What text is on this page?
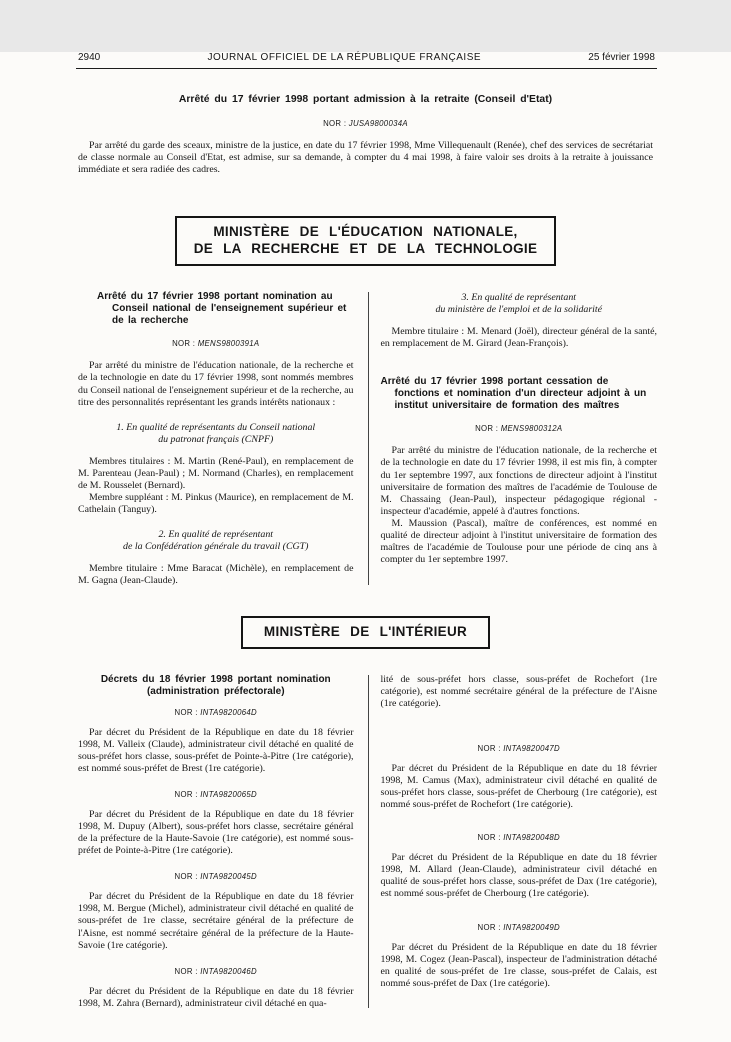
2940	JOURNAL OFFICIEL DE LA RÉPUBLIQUE FRANÇAISE	25 février 1998
Arrêté du 17 février 1998 portant admission à la retraite (Conseil d'Etat)
NOR : JUSA9800034A

Par arrêté du garde des sceaux, ministre de la justice, en date du 17 février 1998, Mme Villequenault (Renée), chef des services de secrétariat de classe normale au Conseil d'Etat, est admise, sur sa demande, à compter du 4 mai 1998, à faire valoir ses droits à la retraite à jouissance immédiate et sera radiée des cadres.

MINISTÈRE DE L'ÉDUCATION NATIONALE,
DE LA RECHERCHE ET DE LA TECHNOLOGIE
Arrêté du 17 février 1998 portant nomination au Conseil national de l'enseignement supérieur et de la recherche
NOR : MENS9800391A

Par arrêté du ministre de l'éducation nationale, de la recherche et de la technologie en date du 17 février 1998, sont nommés membres du Conseil national de l'enseignement supérieur et de la recherche, au titre des personnalités représentant les grands intérêts nationaux :

1. En qualité de représentants du Conseil national
du patronat français (CNPF)

Membres titulaires : M. Martin (René-Paul), en remplacement de M. Parenteau (Jean-Paul) ; M. Normand (Charles), en remplacement de M. Rousselet (Bernard).

Membre suppléant : M. Pinkus (Maurice), en remplacement de M. Cathelain (Tanguy).

2. En qualité de représentant
de la Confédération générale du travail (CGT)

Membre titulaire : Mme Baracat (Michèle), en remplacement de M. Gagna (Jean-Claude).

3. En qualité de représentant
du ministère de l'emploi et de la solidarité

Membre titulaire : M. Menard (Joël), directeur général de la santé, en remplacement de M. Girard (Jean-François).

Arrêté du 17 février 1998 portant cessation de fonctions et nomination d'un directeur adjoint à un institut universitaire de formation des maîtres
NOR : MENS9800312A

Par arrêté du ministre de l'éducation nationale, de la recherche et de la technologie en date du 17 février 1998, il est mis fin, à compter du 1er septembre 1997, aux fonctions de directeur adjoint à l'institut universitaire de formation des maîtres de l'académie de Toulouse de M. Chassaing (Jean-Paul), inspecteur pédagogique régional - inspecteur d'académie, appelé à d'autres fonctions.

M. Maussion (Pascal), maître de conférences, est nommé en qualité de directeur adjoint à l'institut universitaire de formation des maîtres de l'académie de Toulouse pour une période de cinq ans à compter du 1er septembre 1997.

MINISTÈRE DE L'INTÉRIEUR
Décrets du 18 février 1998 portant nomination
(administration préfectorale)
NOR : INTA9820064D

Par décret du Président de la République en date du 18 février 1998, M. Valleix (Claude), administrateur civil détaché en qualité de sous-préfet hors classe, sous-préfet de Pointe-à-Pitre (1re catégorie), est nommé sous-préfet de Brest (1re catégorie).

NOR : INTA9820065D

Par décret du Président de la République en date du 18 février 1998, M. Dupuy (Albert), sous-préfet hors classe, secrétaire général de la préfecture de la Haute-Savoie (1re catégorie), est nommé sous-préfet de Pointe-à-Pitre (1re catégorie).

NOR : INTA9820045D

Par décret du Président de la République en date du 18 février 1998, M. Bergue (Michel), administrateur civil détaché en qualité de sous-préfet de 1re classe, secrétaire général de la préfecture de l'Aisne, est nommé secrétaire général de la préfecture de la Haute-Savoie (1re catégorie).

NOR : INTA9820046D

Par décret du Président de la République en date du 18 février 1998, M. Zahra (Bernard), administrateur civil détaché en qua-

lité de sous-préfet hors classe, sous-préfet de Rochefort (1re catégorie), est nommé secrétaire général de la préfecture de l'Aisne (1re catégorie).

NOR : INTA9820047D

Par décret du Président de la République en date du 18 février 1998, M. Camus (Max), administrateur civil détaché en qualité de sous-préfet hors classe, sous-préfet de Cherbourg (1re catégorie), est nommé sous-préfet de Rochefort (1re catégorie).

NOR : INTA9820048D

Par décret du Président de la République en date du 18 février 1998, M. Allard (Jean-Claude), administrateur civil détaché en qualité de sous-préfet hors classe, sous-préfet de Dax (1re catégorie), est nommé sous-préfet de Cherbourg (1re catégorie).

NOR : INTA9820049D

Par décret du Président de la République en date du 18 février 1998, M. Cogez (Jean-Pascal), inspecteur de l'administration détaché en qualité de sous-préfet de 1re classe, sous-préfet de Calais, est nommé sous-préfet de Dax (1re catégorie).
